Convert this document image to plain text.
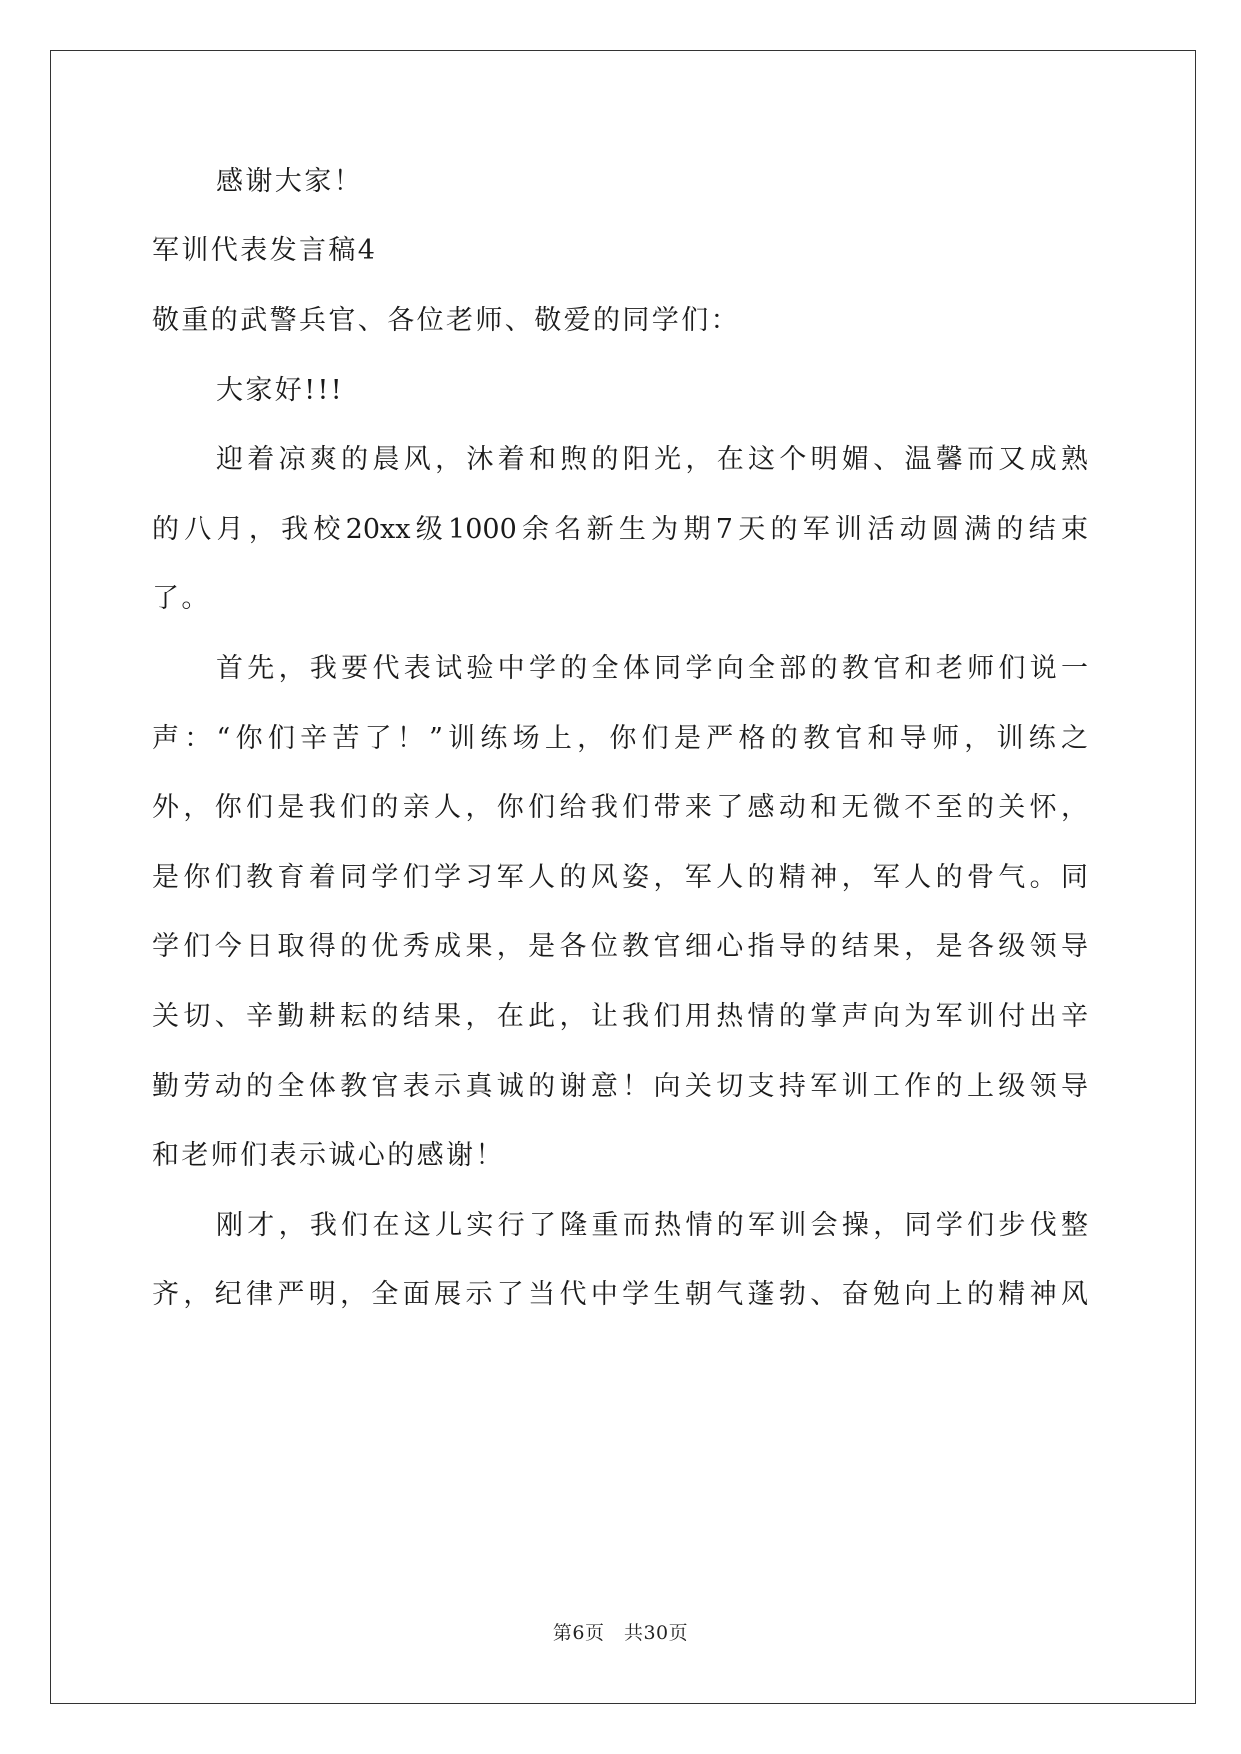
感谢大家！
军训代表发言稿4
敬重的武警兵官、各位老师、敬爱的同学们：
大家好!!!
迎着凉爽的晨风，沐着和煦的阳光，在这个明媚、温馨而又成熟
的八月，我校20xx级1000余名新生为期7天的军训活动圆满的结束
了。
首先，我要代表试验中学的全体同学向全部的教官和老师们说一
声：“你们辛苦了！”训练场上，你们是严格的教官和导师，训练之
外，你们是我们的亲人，你们给我们带来了感动和无微不至的关怀，
是你们教育着同学们学习军人的风姿，军人的精神，军人的骨气。同
学们今日取得的优秀成果，是各位教官细心指导的结果，是各级领导
关切、辛勤耕耘的结果，在此，让我们用热情的掌声向为军训付出辛
勤劳动的全体教官表示真诚的谢意！向关切支持军训工作的上级领导
和老师们表示诚心的感谢！
刚才，我们在这儿实行了隆重而热情的军训会操，同学们步伐整
齐，纪律严明，全面展示了当代中学生朝气蓬勃、奋勉向上的精神风
第6页　共30页
